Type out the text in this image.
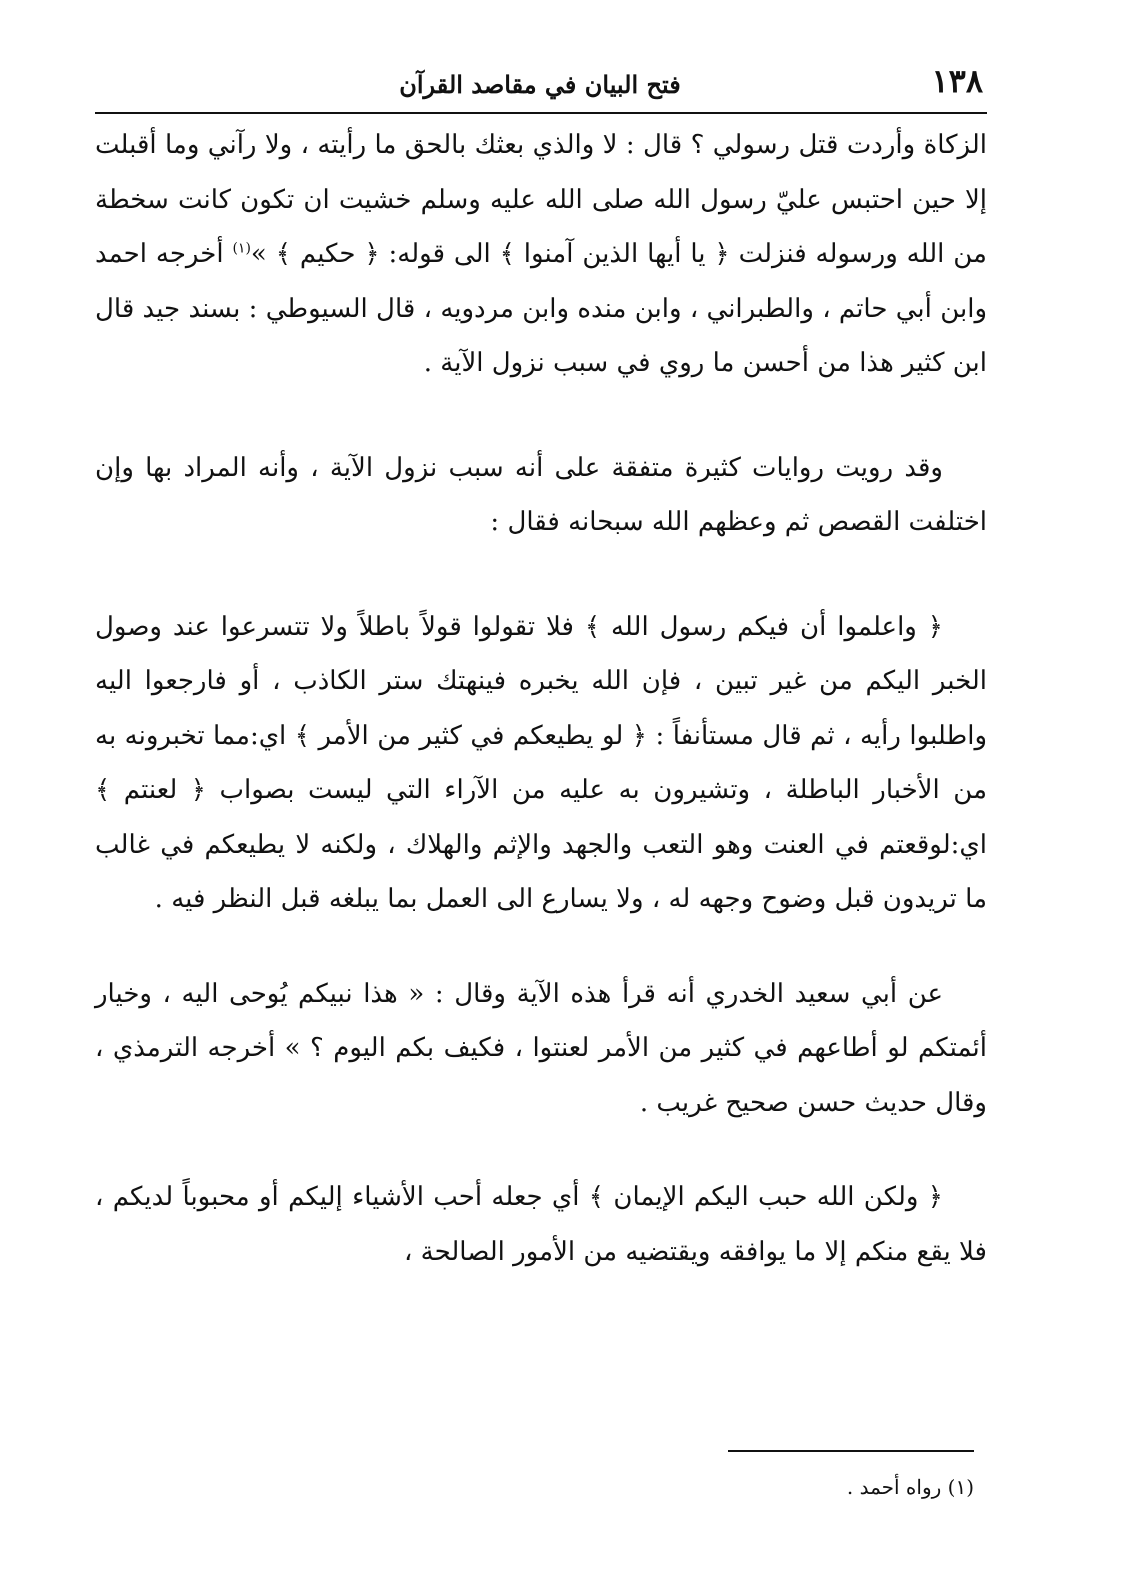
١٣٨
فتح البيان في مقاصد القرآن

الزكاة وأردت قتل رسولي ؟ قال : لا والذي بعثك بالحق ما رأيته ، ولا رآني وما أقبلت إلا حين احتبس عليّ رسول الله صلى الله عليه وسلم خشيت ان تكون كانت سخطة من الله ورسوله فنزلت ﴿ يا أيها الذين آمنوا ﴾ الى قوله: ﴿ حكيم ﴾ »$^{(١)}$ أخرجه احمد وابن أبي حاتم ، والطبراني ، وابن منده وابن مردويه ، قال السيوطي : بسند جيد قال ابن كثير هذا من أحسن ما روي في سبب نزول الآية .

وقد رويت روايات كثيرة متفقة على أنه سبب نزول الآية ، وأنه المراد بها وإن اختلفت القصص ثم وعظهم الله سبحانه فقال :

﴿ واعلموا أن فيكم رسول الله ﴾ فلا تقولوا قولاً باطلاً ولا تتسرعوا عند وصول الخبر اليكم من غير تبين ، فإن الله يخبره فينهتك ستر الكاذب ، أو فارجعوا اليه واطلبوا رأيه ، ثم قال مستأنفاً : ﴿ لو يطيعكم في كثير من الأمر ﴾ اي:مما تخبرونه به من الأخبار الباطلة ، وتشيرون به عليه من الآراء التي ليست بصواب ﴿ لعنتم ﴾ اي:لوقعتم في العنت وهو التعب والجهد والإثم والهلاك ، ولكنه لا يطيعكم في غالب ما تريدون قبل وضوح وجهه له ، ولا يسارع الى العمل بما يبلغه قبل النظر فيه .

عن أبي سعيد الخدري أنه قرأ هذه الآية وقال : « هذا نبيكم يُوحى اليه ، وخيار أئمتكم لو أطاعهم في كثير من الأمر لعنتوا ، فكيف بكم اليوم ؟ » أخرجه الترمذي ، وقال حديث حسن صحيح غريب .

﴿ ولكن الله حبب اليكم الإيمان ﴾ أي جعله أحب الأشياء إليكم أو محبوباً لديكم ، فلا يقع منكم إلا ما يوافقه ويقتضيه من الأمور الصالحة ،

(١) رواه أحمد .
